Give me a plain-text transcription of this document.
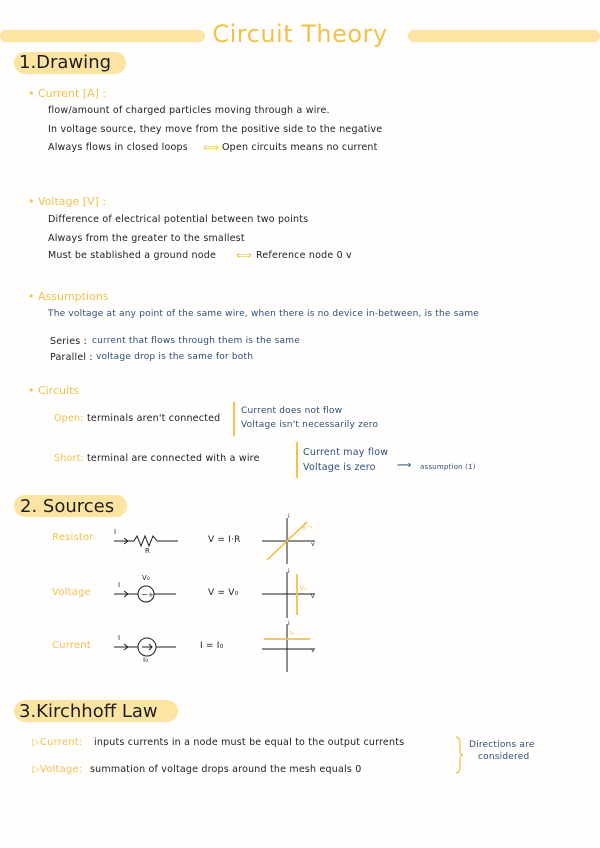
Circuit Theory
1.Drawing
• Current [A] :
flow/amount of charged particles moving through a wire.
In voltage source, they move from the positive side to the negative
Always flows in closed loops ⟺ Open circuits means no current
• Voltage [V] :
Difference of electrical potential between two points
Always from the greater to the smallest
Must be stablished a ground node ⟺ Reference node 0 v
• Assumptions
The voltage at any point of the same wire, when there is no device in-between, is the same
Series : current that flows through them is the same
Parallel : voltage drop is the same for both
• Circuits
Open: terminals aren't connected
Current does not flow
Voltage isn't necessarily zero
Short: terminal are connected with a wire
Current may flow
Voltage is zero ⟿ assumption (1)
2. Sources
Resistor	I
R
V = I·R
i
v
R⁻¹
Voltage	− +
I
V₀
V = V₀
i
v
V₀
Current
I
I₀
I = I₀
i
v
I₀
3.Kirchhoff Law
▷Current: inputs currents in a node must be equal to the output currents
▷Voltage: summation of voltage drops around the mesh equals 0
Directions are
considered
